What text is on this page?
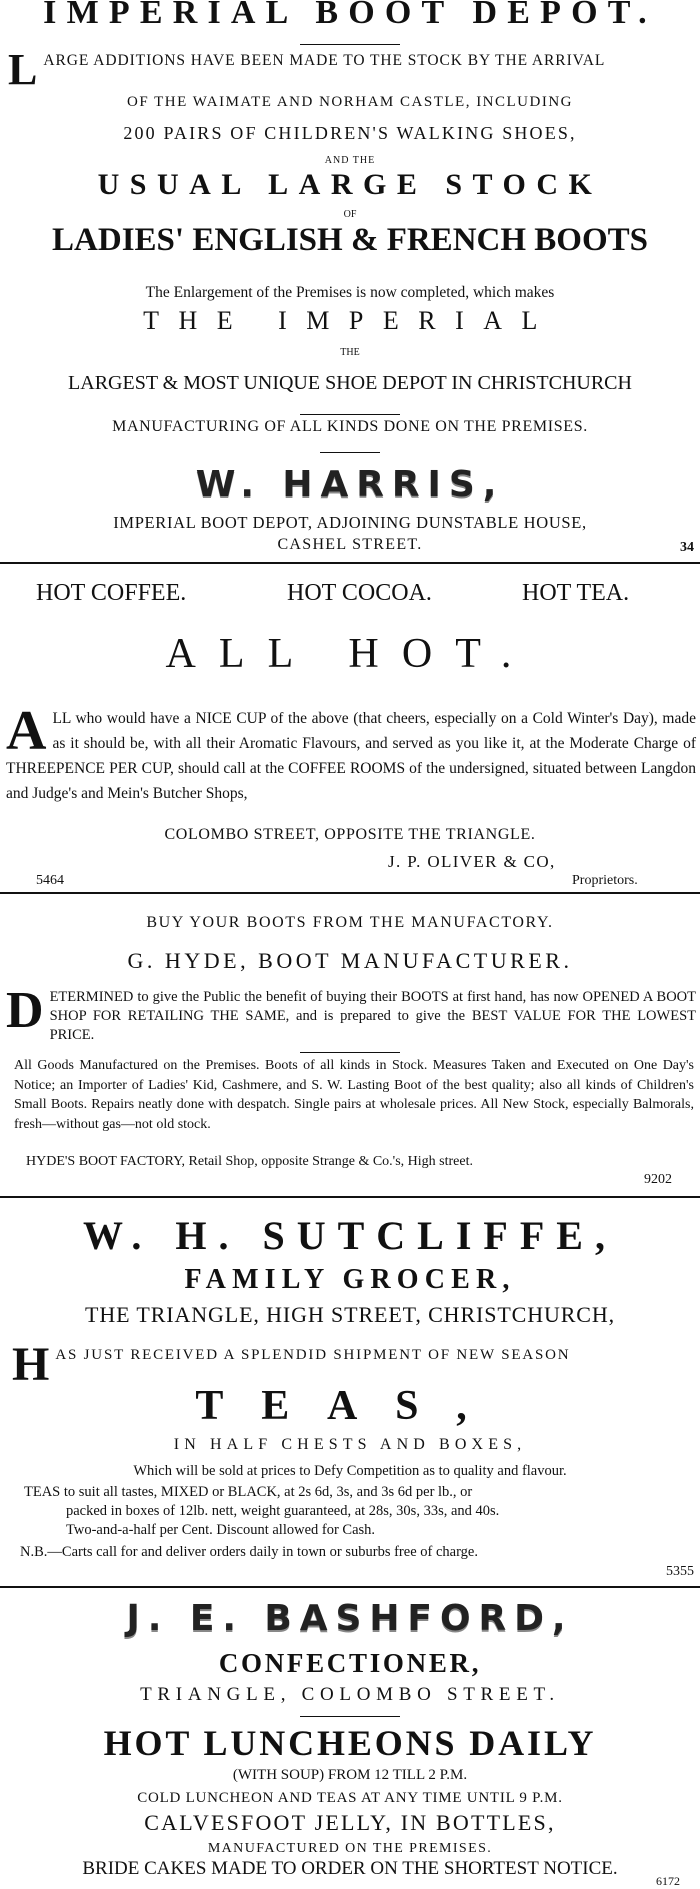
IMPERIAL BOOT DEPOT.
L ARGE ADDITIONS HAVE BEEN MADE TO THE STOCK BY THE ARRIVAL
OF THE WAIMATE AND NORHAM CASTLE, INCLUDING
200 PAIRS OF CHILDREN'S WALKING SHOES,
AND THE
USUAL LARGE STOCK
OF
LADIES' ENGLISH & FRENCH BOOTS
The Enlargement of the Premises is now completed, which makes
THE IMPERIAL
THE
LARGEST & MOST UNIQUE SHOE DEPOT IN CHRISTCHURCH
MANUFACTURING OF ALL KINDS DONE ON THE PREMISES.
W. HARRIS,
IMPERIAL BOOT DEPOT, ADJOINING DUNSTABLE HOUSE,
CASHEL STREET.	34
HOT COFFEE.	HOT COCOA.	HOT TEA.
ALL HOT.
A LL who would have a NICE CUP of the above (that cheers, especially on a Cold Winter's Day), made as it should be, with all their Aromatic Flavours, and served as you like it, at the Moderate Charge of THREEPENCE PER CUP, should call at the COFFEE ROOMS of the undersigned, situated between Langdon and Judge's and Mein's Butcher Shops,
COLOMBO STREET, OPPOSITE THE TRIANGLE.
J. P. OLIVER & CO,
5464	Proprietors.
BUY YOUR BOOTS FROM THE MANUFACTORY.
G. HYDE, BOOT MANUFACTURER.
D ETERMINED to give the Public the benefit of buying their BOOTS at first hand, has now OPENED A BOOT SHOP FOR RETAILING THE SAME, and is prepared to give the BEST VALUE FOR THE LOWEST PRICE.
All Goods Manufactured on the Premises. Boots of all kinds in Stock. Measures Taken and Executed on One Day's Notice; an Importer of Ladies' Kid, Cashmere, and S. W. Lasting Boot of the best quality; also all kinds of Children's Small Boots. Repairs neatly done with despatch. Single pairs at wholesale prices. All New Stock, especially Balmorals, fresh—without gas—not old stock.
HYDE'S BOOT FACTORY, Retail Shop, opposite Strange & Co.'s, High street.
9202
W. H. SUTCLIFFE,
FAMILY GROCER,
THE TRIANGLE, HIGH STREET, CHRISTCHURCH,
H AS JUST RECEIVED A SPLENDID SHIPMENT OF NEW SEASON
TEAS,
IN HALF CHESTS AND BOXES,
Which will be sold at prices to Defy Competition as to quality and flavour.
TEAS to suit all tastes, MIXED or BLACK, at 2s 6d, 3s, and 3s 6d per lb., or
packed in boxes of 12lb. nett, weight guaranteed, at 28s, 30s, 33s, and 40s.
Two-and-a-half per Cent. Discount allowed for Cash.
N.B.—Carts call for and deliver orders daily in town or suburbs free of charge.
5355
J. E. BASHFORD,
CONFECTIONER,
TRIANGLE, COLOMBO STREET.
HOT LUNCHEONS DAILY
(WITH SOUP) FROM 12 TILL 2 P.M.
COLD LUNCHEON AND TEAS AT ANY TIME UNTIL 9 P.M.
CALVESFOOT JELLY, IN BOTTLES,
MANUFACTURED ON THE PREMISES.
BRIDE CAKES MADE TO ORDER ON THE SHORTEST NOTICE.
6172
